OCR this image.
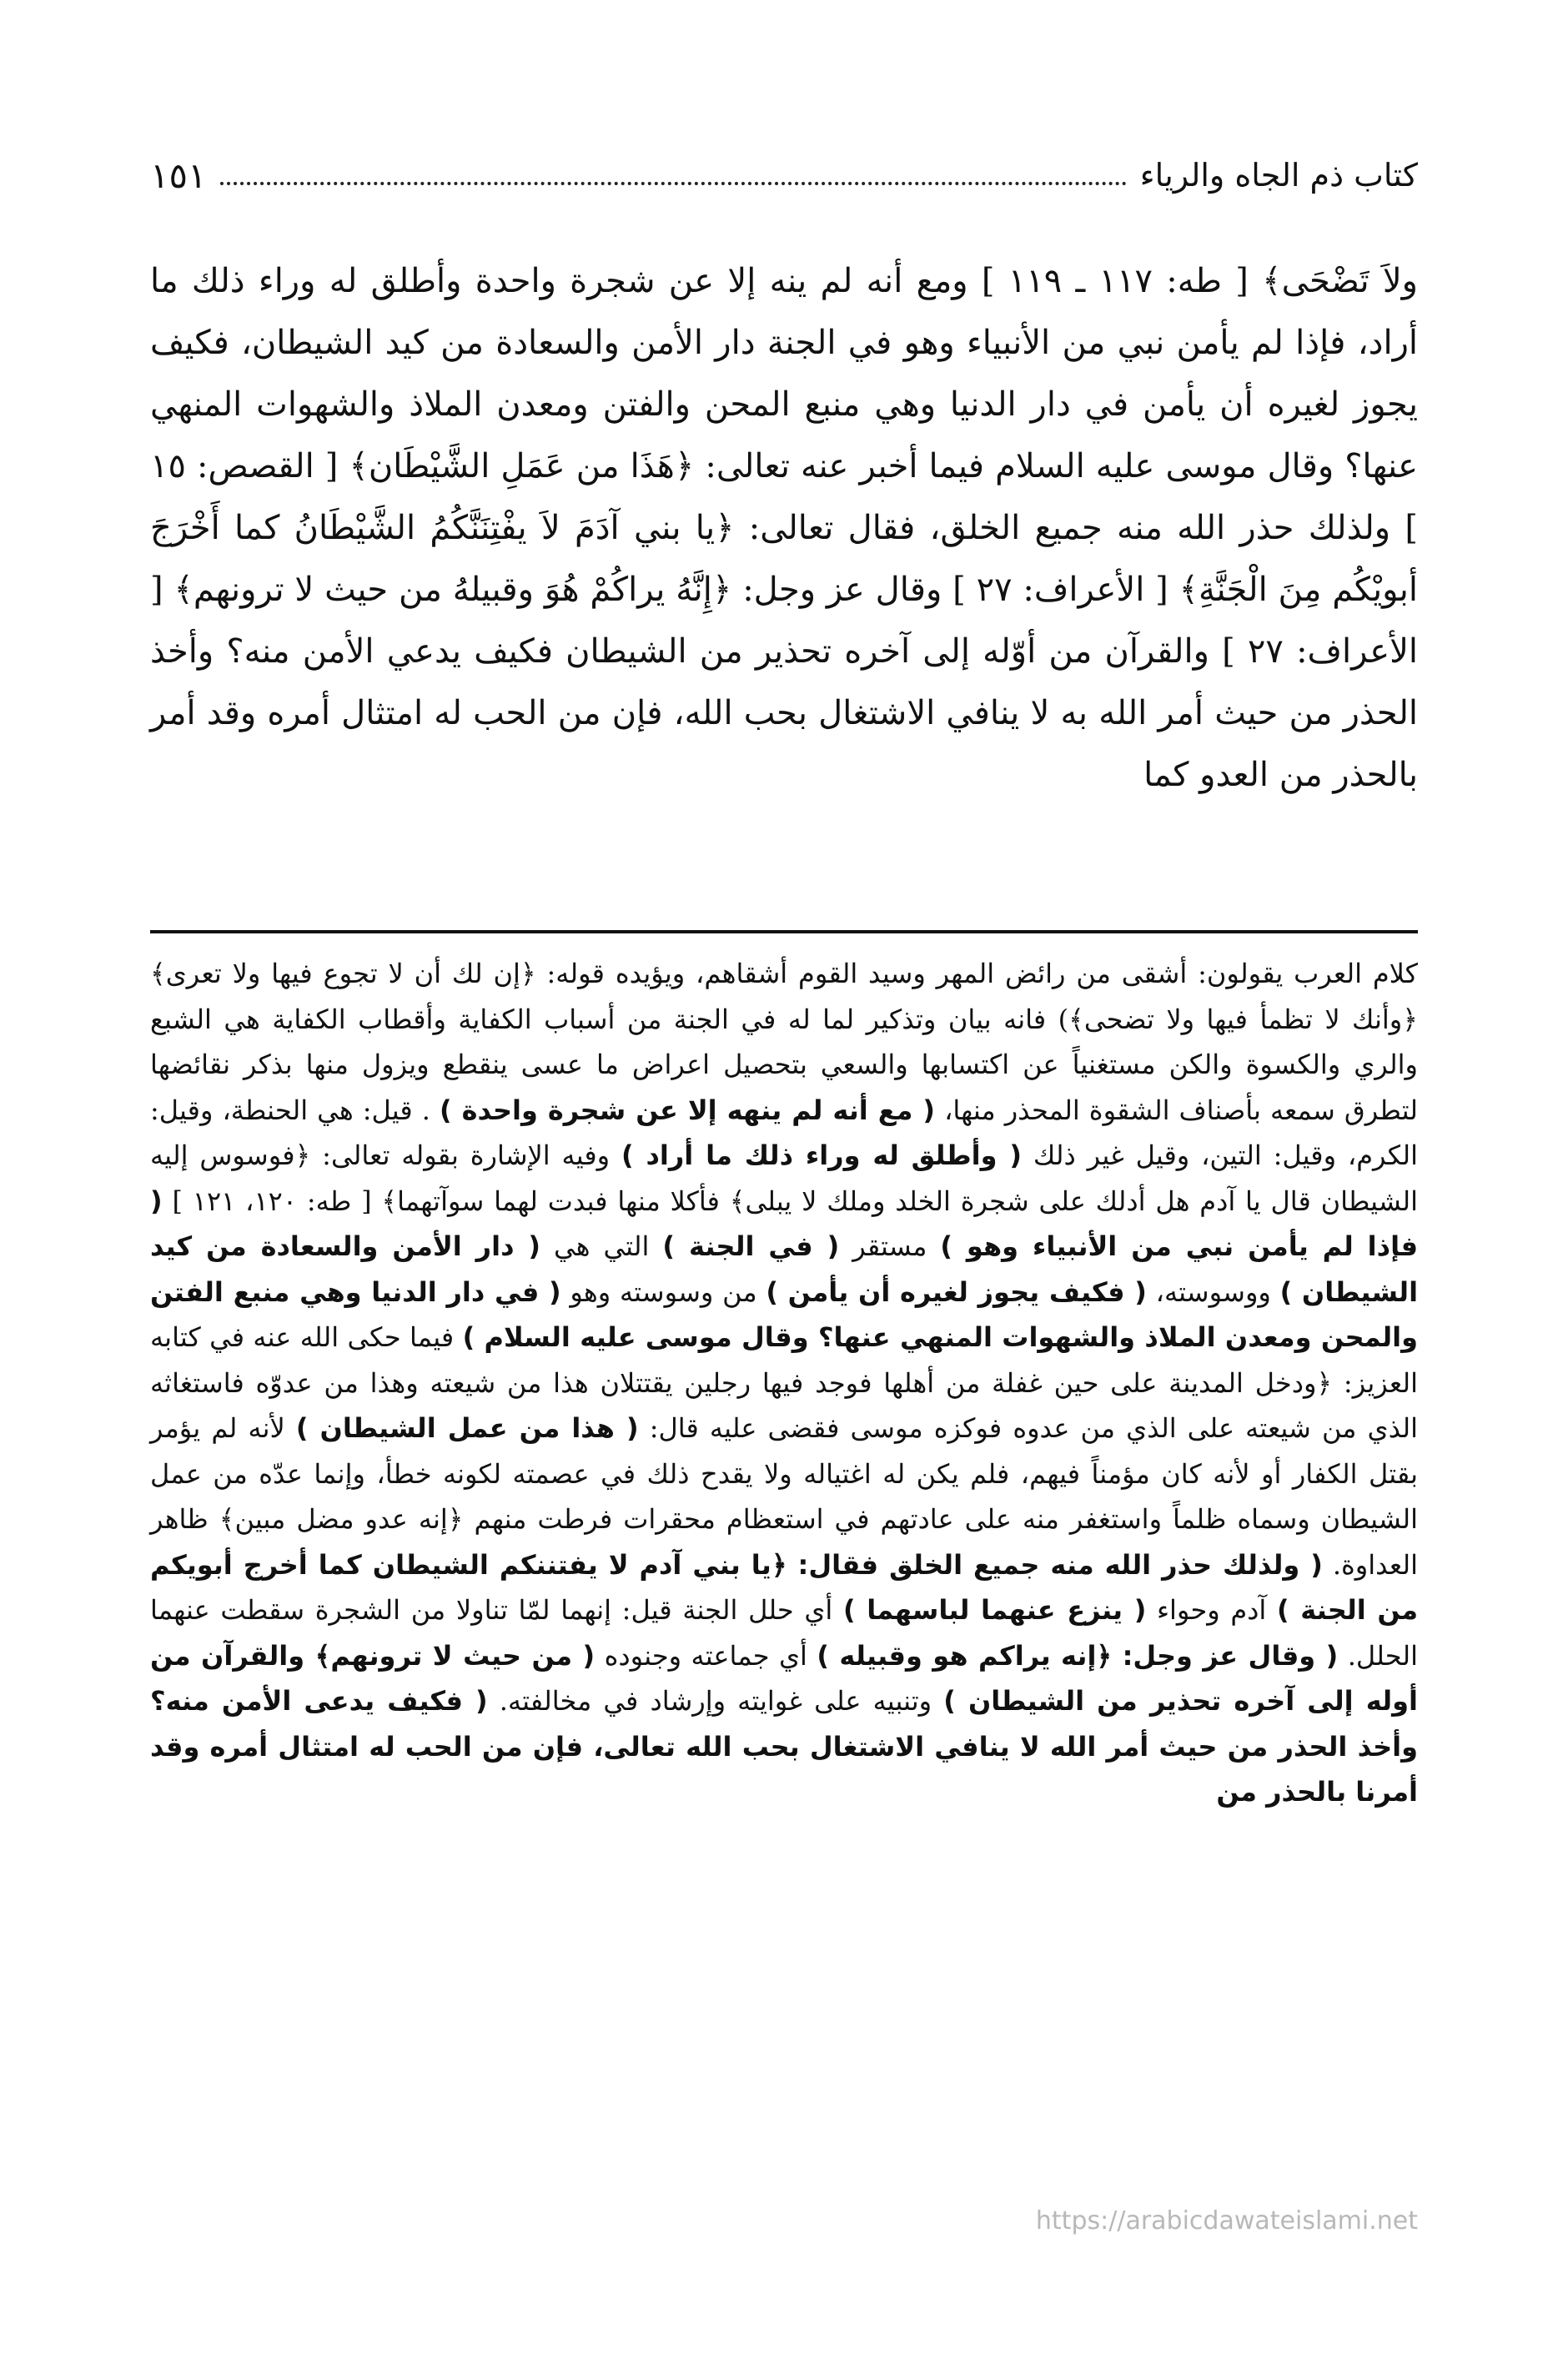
كتاب ذم الجاه والرياء
١٥١

ولاَ تَضْحَى﴾ [ طه: ١١٧ ـ ١١٩ ] ومع أنه لم ينه إلا عن شجرة واحدة وأطلق له وراء ذلك ما أراد، فإذا لم يأمن نبي من الأنبياء وهو في الجنة دار الأمن والسعادة من كيد الشيطان، فكيف يجوز لغيره أن يأمن في دار الدنيا وهي منبع المحن والفتن ومعدن الملاذ والشهوات المنهي عنها؟ وقال موسى عليه السلام فيما أخبر عنه تعالى: ﴿هَذَا من عَمَلِ الشَّيْطَان﴾ [ القصص: ١٥ ] ولذلك حذر الله منه جميع الخلق، فقال تعالى: ﴿يا بني آدَمَ لاَ يفْتِنَنَّكُمُ الشَّيْطَانُ كما أَخْرَجَ أبويْكُم مِنَ الْجَنَّةِ﴾ [ الأعراف: ٢٧ ] وقال عز وجل: ﴿إِنَّهُ يراكُمْ هُوَ وقبيلهُ من حيث لا ترونهم﴾ [ الأعراف: ٢٧ ] والقرآن من أوّله إلى آخره تحذير من الشيطان فكيف يدعي الأمن منه؟ وأخذ الحذر من حيث أمر الله به لا ينافي الاشتغال بحب الله، فإن من الحب له امتثال أمره وقد أمر بالحذر من العدو كما

كلام العرب يقولون: أشقى من رائض المهر وسيد القوم أشقاهم، ويؤيده قوله: ﴿إن لك أن لا تجوع فيها ولا تعرى﴾ ﴿وأنك لا تظمأ فيها ولا تضحى﴾) فانه بيان وتذكير لما له في الجنة من أسباب الكفاية وأقطاب الكفاية هي الشبع والري والكسوة والكن مستغنياً عن اكتسابها والسعي بتحصيل اعراض ما عسى ينقطع ويزول منها بذكر نقائضها لتطرق سمعه بأصناف الشقوة المحذر منها، ( مع أنه لم ينهه إلا عن شجرة واحدة ) . قيل: هي الحنطة، وقيل: الكرم، وقيل: التين، وقيل غير ذلك ( وأطلق له وراء ذلك ما أراد ) وفيه الإشارة بقوله تعالى: ﴿فوسوس إليه الشيطان قال يا آدم هل أدلك على شجرة الخلد وملك لا يبلى﴾ فأكلا منها فبدت لهما سوآتهما﴾ [ طه: ١٢٠، ١٢١ ] ( فإذا لم يأمن نبي من الأنبياء وهو ) مستقر ( في الجنة ) التي هي ( دار الأمن والسعادة من كيد الشيطان ) ووسوسته، ( فكيف يجوز لغيره أن يأمن ) من وسوسته وهو ( في دار الدنيا وهي منبع الفتن والمحن ومعدن الملاذ والشهوات المنهي عنها؟ وقال موسى عليه السلام ) فيما حكى الله عنه في كتابه العزيز: ﴿ودخل المدينة على حين غفلة من أهلها فوجد فيها رجلين يقتتلان هذا من شيعته وهذا من عدوّه فاستغاثه الذي من شيعته على الذي من عدوه فوكزه موسى فقضى عليه قال: ( هذا من عمل الشيطان ) لأنه لم يؤمر بقتل الكفار أو لأنه كان مؤمناً فيهم، فلم يكن له اغتياله ولا يقدح ذلك في عصمته لكونه خطأ، وإنما عدّه من عمل الشيطان وسماه ظلماً واستغفر منه على عادتهم في استعظام محقرات فرطت منهم ﴿إنه عدو مضل مبين﴾ ظاهر العداوة. ( ولذلك حذر الله منه جميع الخلق فقال: ﴿يا بني آدم لا يفتننكم الشيطان كما أخرج أبويكم من الجنة ) آدم وحواء ( ينزع عنهما لباسهما ) أي حلل الجنة قيل: إنهما لمّا تناولا من الشجرة سقطت عنهما الحلل. ( وقال عز وجل: ﴿إنه يراكم هو وقبيله ) أي جماعته وجنوده ( من حيث لا ترونهم﴾ والقرآن من أوله إلى آخره تحذير من الشيطان ) وتنبيه على غوايته وإرشاد في مخالفته. ( فكيف يدعى الأمن منه؟ وأخذ الحذر من حيث أمر الله لا ينافي الاشتغال بحب الله تعالى، فإن من الحب له امتثال أمره وقد أمرنا بالحذر من

https://arabicdawateislami.net
